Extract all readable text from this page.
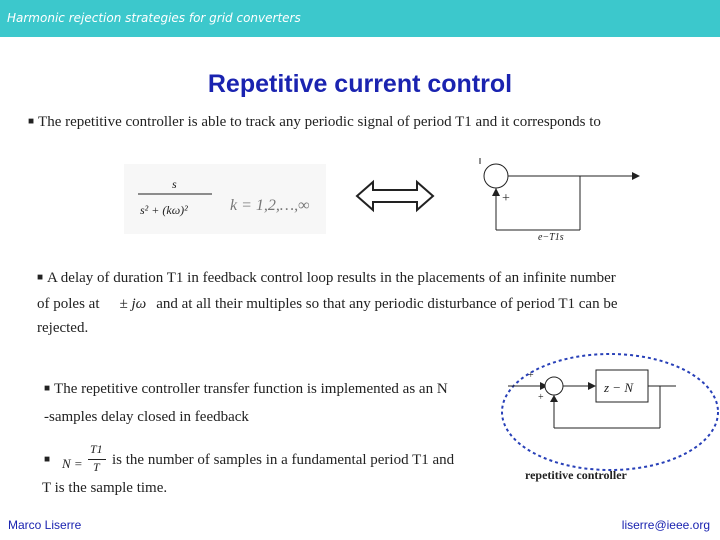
Harmonic rejection strategies for grid converters
Repetitive current control
■ The repetitive controller is able to track any periodic signal of period T1 and it corresponds to
s
s² + (kω)²	k = 1,2,…,∞	+
e−T1s
■ A delay of duration T1 in feedback control loop results in the placements of an infinite number
of poles at ± jω and at all their multiples so that any periodic disturbance of period T1 can be
rejected.
■ The repetitive controller transfer function is implemented as an N
-samples delay closed in feedback
■ N =
T1
T is the number of samples in a fundamental period T1 and
T is the sample time.
+
+
z − N
repetitive controller
Marco Liserre	liserre@ieee.org
